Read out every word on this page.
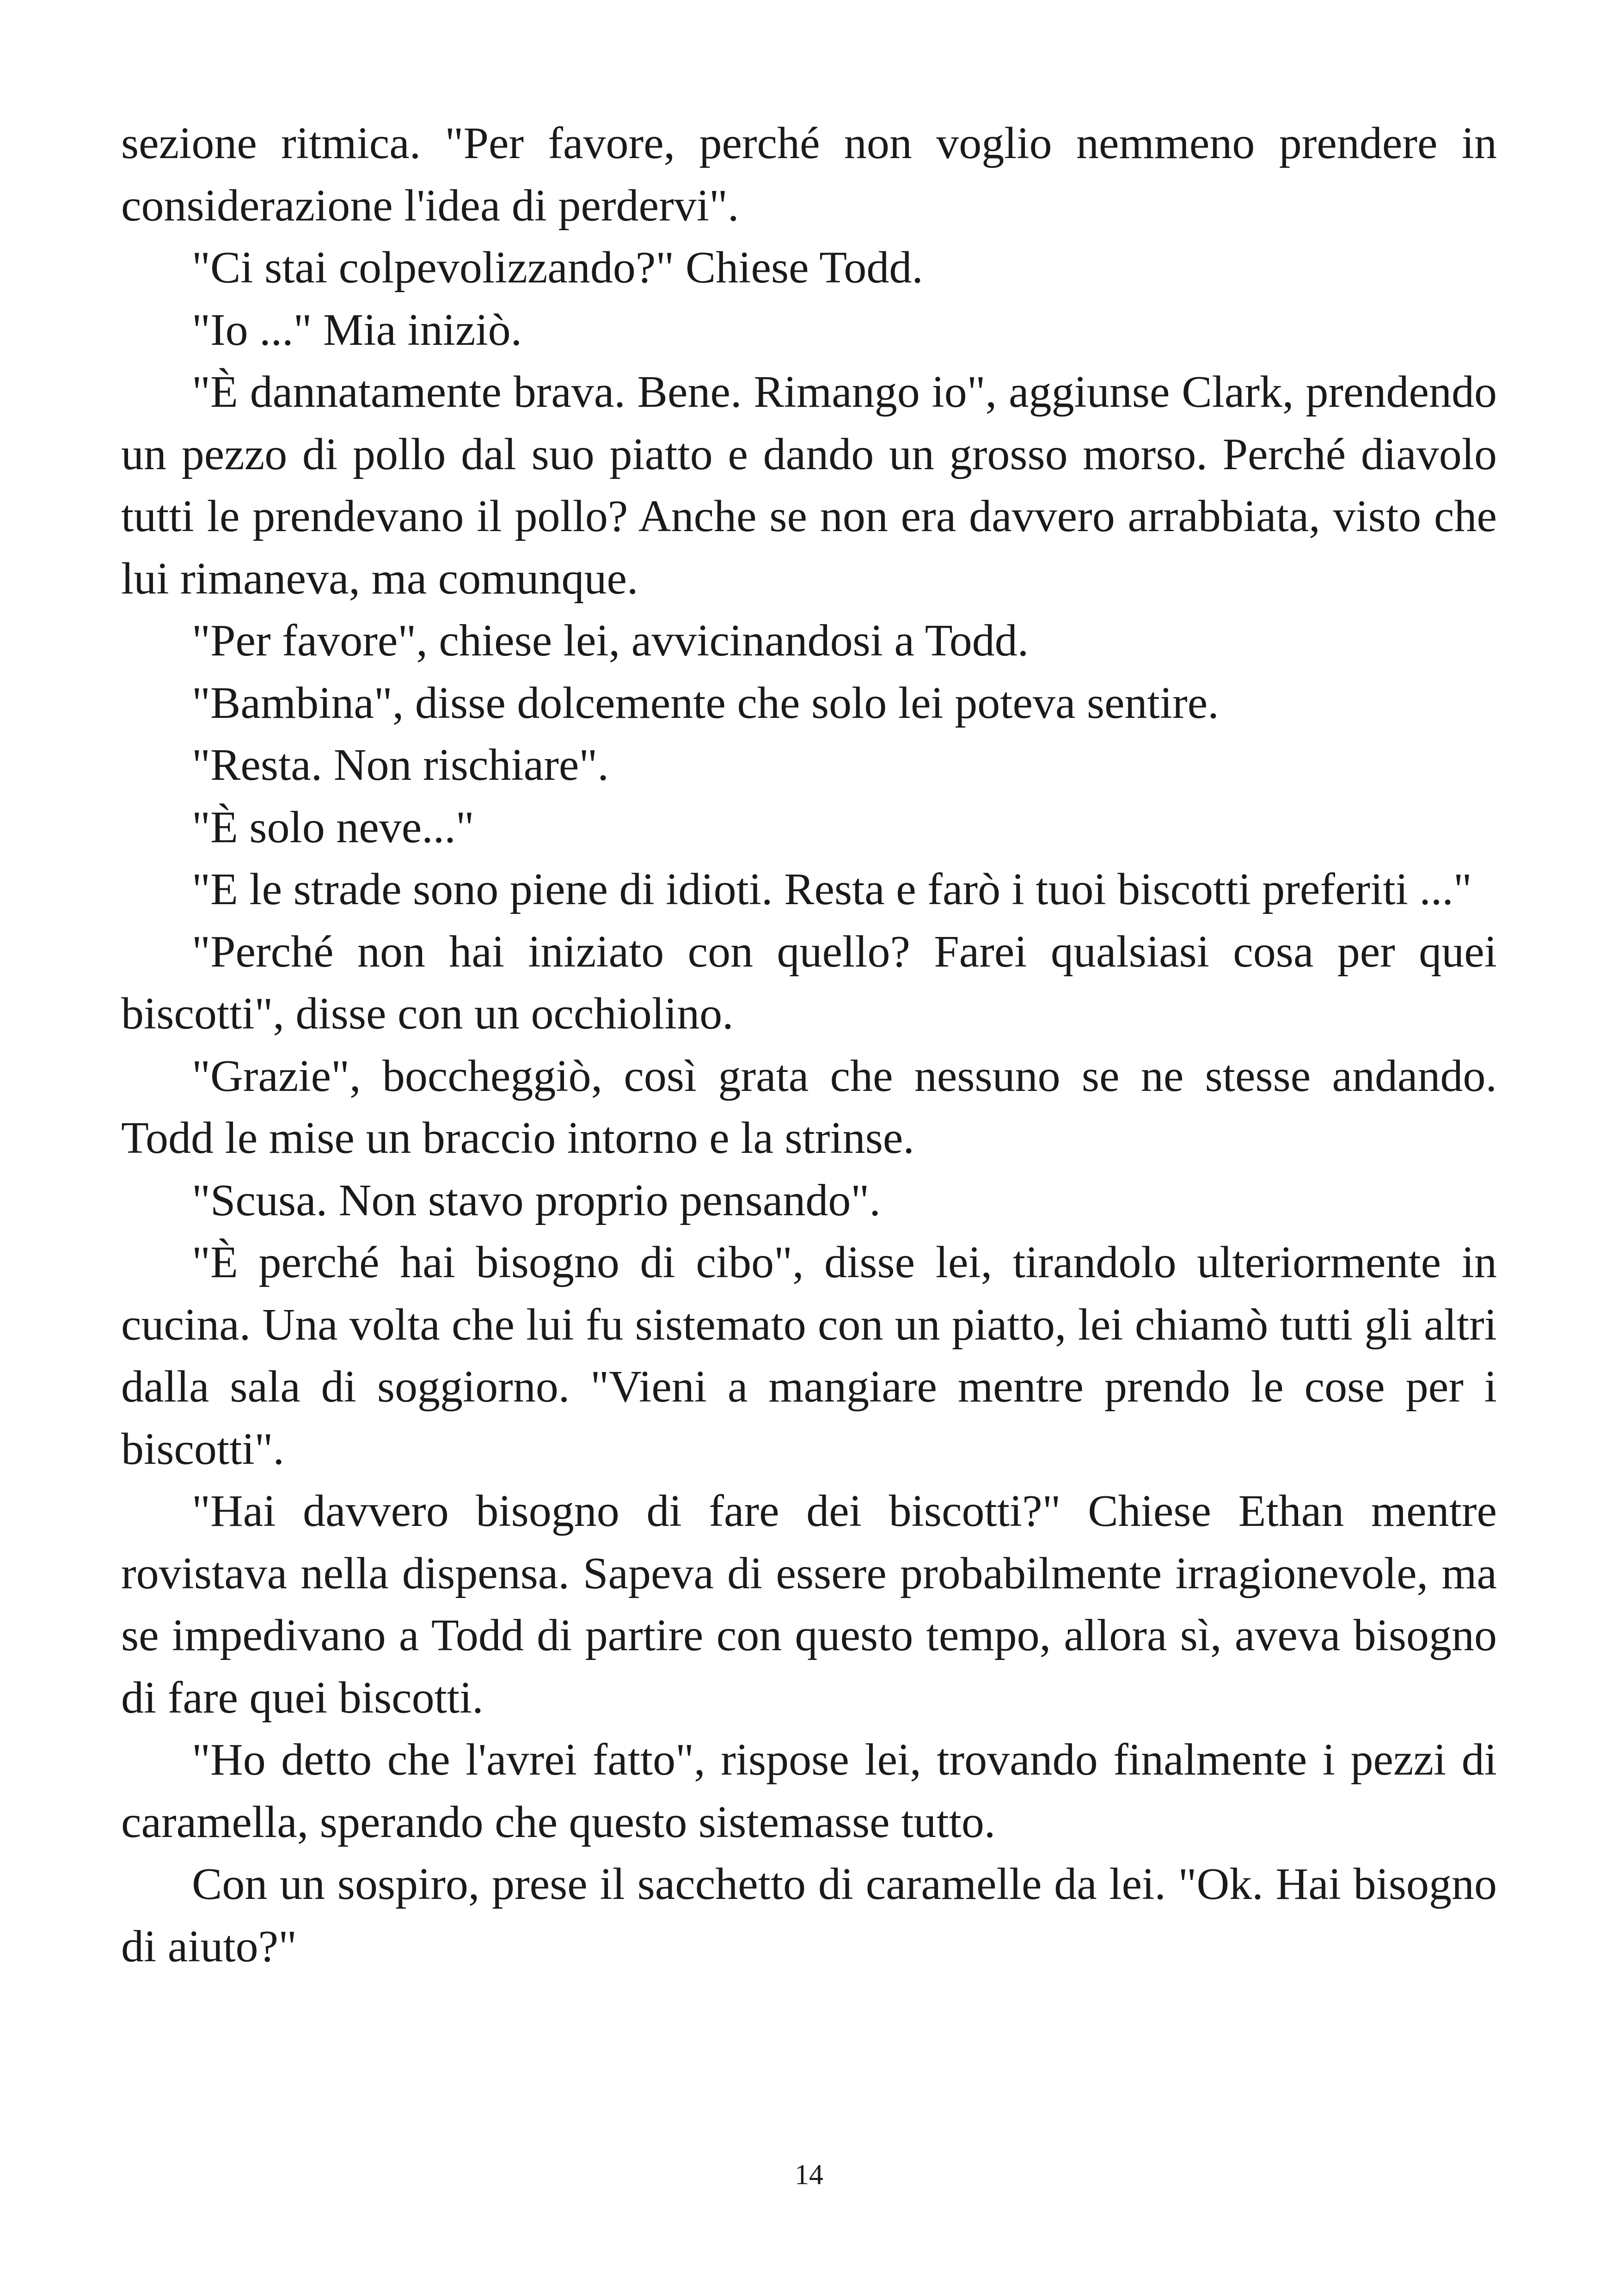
sezione ritmica. "Per favore, perché non voglio nemmeno prendere in considerazione l'idea di perdervi".

"Ci stai colpevolizzando?" Chiese Todd.

"Io ..." Mia iniziò.

"È dannatamente brava. Bene. Rimango io", aggiunse Clark, prendendo un pezzo di pollo dal suo piatto e dando un grosso morso. Perché diavolo tutti le prendevano il pollo? Anche se non era davvero arrabbiata, visto che lui rimaneva, ma comunque.

"Per favore", chiese lei, avvicinandosi a Todd.

"Bambina", disse dolcemente che solo lei poteva sentire.

"Resta. Non rischiare".

"È solo neve..."

"E le strade sono piene di idioti. Resta e farò i tuoi biscotti preferiti ..."

"Perché non hai iniziato con quello? Farei qualsiasi cosa per quei biscotti", disse con un occhiolino.

"Grazie", boccheggiò, così grata che nessuno se ne stesse andando. Todd le mise un braccio intorno e la strinse.

"Scusa. Non stavo proprio pensando".

"È perché hai bisogno di cibo", disse lei, tirandolo ulteriormente in cucina. Una volta che lui fu sistemato con un piatto, lei chiamò tutti gli altri dalla sala di soggiorno. "Vieni a mangiare mentre prendo le cose per i biscotti".

"Hai davvero bisogno di fare dei biscotti?" Chiese Ethan mentre rovistava nella dispensa. Sapeva di essere probabilmente irragionevole, ma se impedivano a Todd di partire con questo tempo, allora sì, aveva bisogno di fare quei biscotti.

"Ho detto che l'avrei fatto", rispose lei, trovando finalmente i pezzi di caramella, sperando che questo sistemasse tutto.

Con un sospiro, prese il sacchetto di caramelle da lei. "Ok. Hai bisogno di aiuto?"

14
